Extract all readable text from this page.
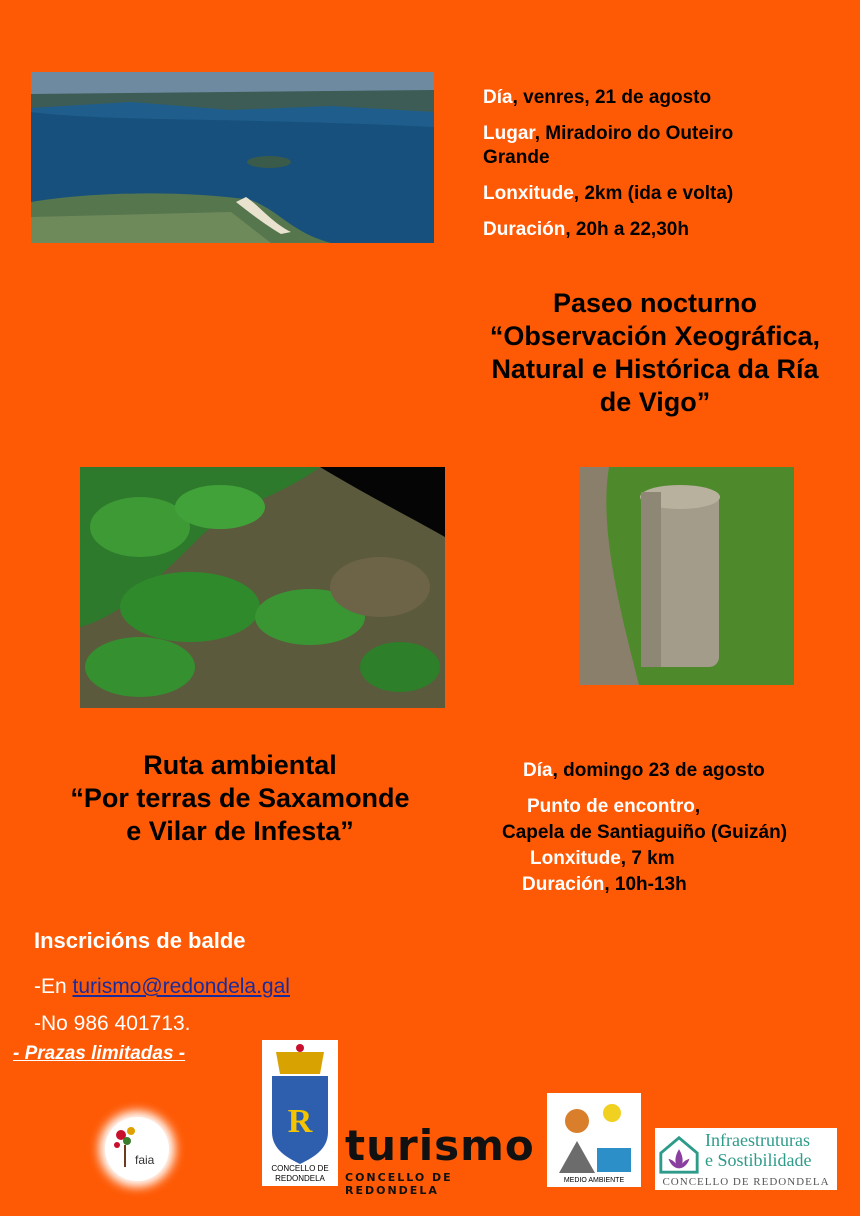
Día, venres, 21 de agosto
Lugar, Miradoiro do Outeiro Grande
Lonxitude, 2km (ida e volta)
Duración, 20h a 22,30h
Paseo nocturno
“Observación Xeográfica,
Natural e Histórica da Ría
de Vigo”
Ruta ambiental
“Por terras de Saxamonde
e Vilar de Infesta”
Día, domingo 23 de agosto
Punto de encontro,
Capela de Santiaguiño (Guizán)
Lonxitude, 7 km
Duración, 10h-13h
Inscricións de balde
-En turismo@redondela.gal
-No 986 401713.
- Prazas limitadas -
faia
R
CONCELLO DE
REDONDELA
turismo
CONCELLO DE REDONDELA
MEDIO AMBIENTE
Infraestruturas
e Sostibilidade
CONCELLO DE REDONDELA
